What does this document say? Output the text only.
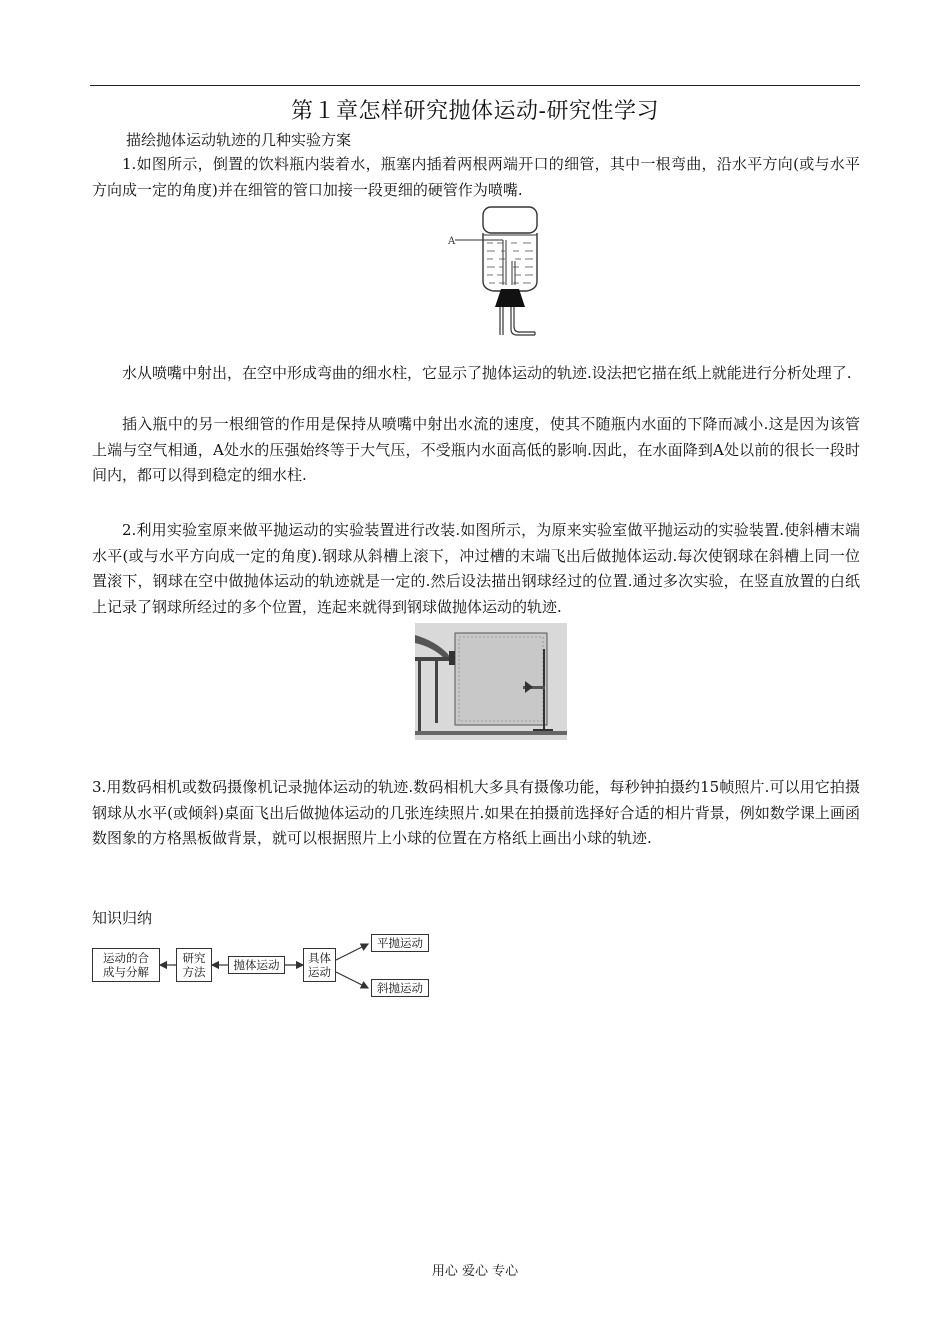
第１章怎样研究抛体运动-研究性学习
描绘抛体运动轨迹的几种实验方案
1.如图所示，倒置的饮料瓶内装着水，瓶塞内插着两根两端开口的细管，其中一根弯曲，沿水平方向(或与水平方向成一定的角度)并在细管的管口加接一段更细的硬管作为喷嘴.
A
水从喷嘴中射出，在空中形成弯曲的细水柱，它显示了抛体运动的轨迹.设法把它描在纸上就能进行分析处理了.
插入瓶中的另一根细管的作用是保持从喷嘴中射出水流的速度，使其不随瓶内水面的下降而减小.这是因为该管上端与空气相通，A处水的压强始终等于大气压，不受瓶内水面高低的影响.因此，在水面降到A处以前的很长一段时间内，都可以得到稳定的细水柱.
2.利用实验室原来做平抛运动的实验装置进行改装.如图所示，为原来实验室做平抛运动的实验装置.使斜槽末端水平(或与水平方向成一定的角度).钢球从斜槽上滚下，冲过槽的末端飞出后做抛体运动.每次使钢球在斜槽上同一位置滚下，钢球在空中做抛体运动的轨迹就是一定的.然后设法描出钢球经过的位置.通过多次实验，在竖直放置的白纸上记录了钢球所经过的多个位置，连起来就得到钢球做抛体运动的轨迹.
3.用数码相机或数码摄像机记录抛体运动的轨迹.数码相机大多具有摄像功能，每秒钟拍摄约15帧照片.可以用它拍摄钢球从水平(或倾斜)桌面飞出后做抛体运动的几张连续照片.如果在拍摄前选择好合适的相片背景，例如数学课上画函数图象的方格黑板做背景，就可以根据照片上小球的位置在方格纸上画出小球的轨迹.
知识归纳
运动的合
成与分解
研究
方法	抛体运动	具体
运动
平抛运动
斜抛运动
用心 爱心 专心
